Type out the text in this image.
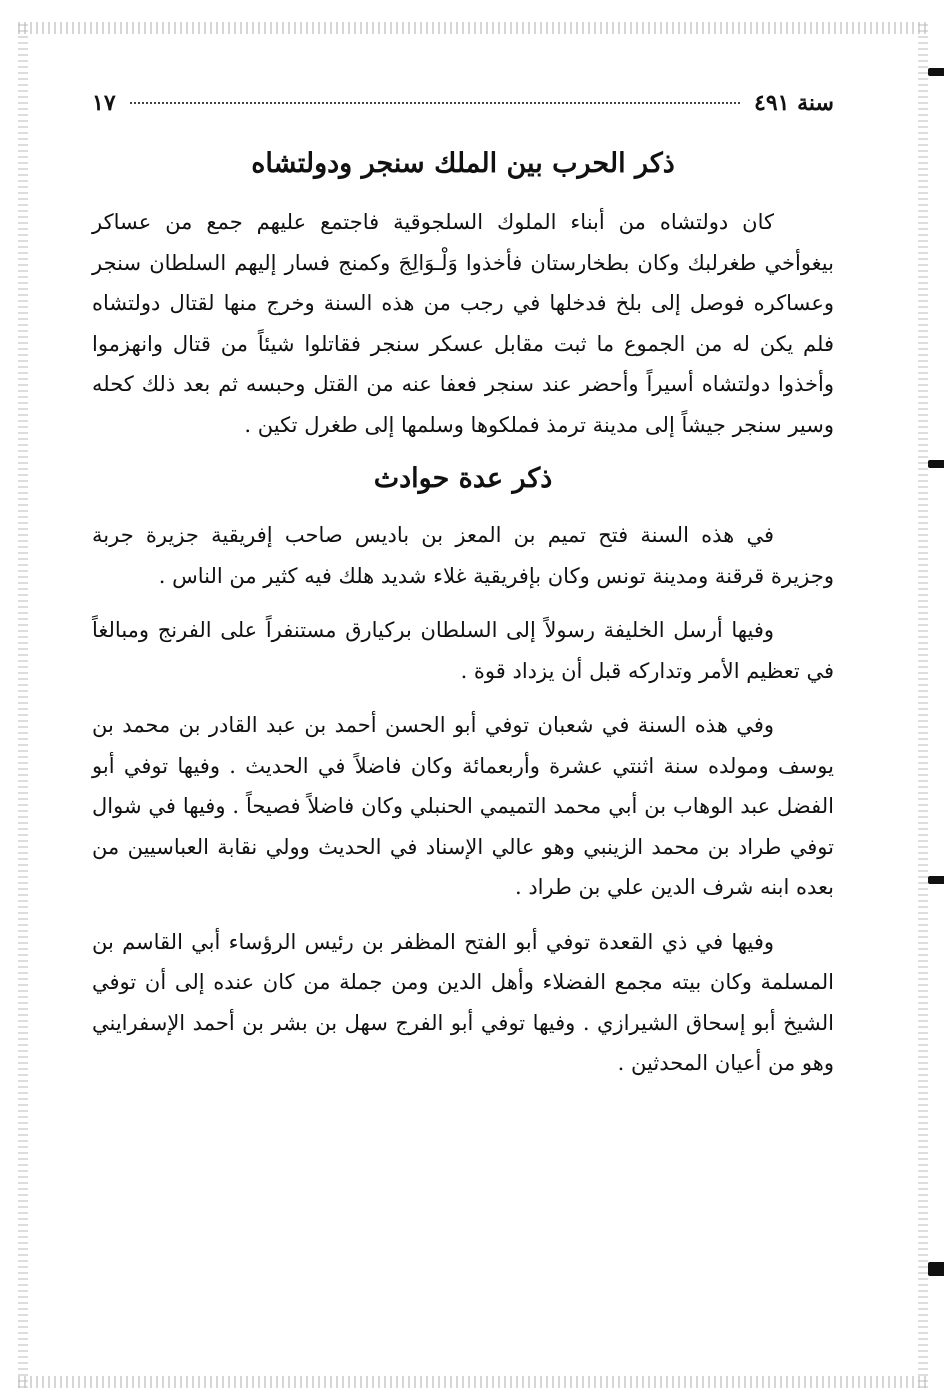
سنة ٤٩١
١٧
ذكر الحرب بين الملك سنجر ودولتشاه

كان دولتشاه من أبناء الملوك السلجوقية فاجتمع عليهم جمع من عساكر بيغوأخي طغرلبك وكان بطخارستان فأخذوا وَلْـوَالِجَ وكمنج فسار إليهم السلطان سنجر وعساكره فوصل إلى بلخ فدخلها في رجب من هذه السنة وخرج منها لقتال دولتشاه فلم يكن له من الجموع ما ثبت مقابل عسكر سنجر فقاتلوا شيئاً من قتال وانهزموا وأخذوا دولتشاه أسيراً وأحضر عند سنجر فعفا عنه من القتل وحبسه ثم بعد ذلك كحله وسير سنجر جيشاً إلى مدينة ترمذ فملكوها وسلمها إلى طغرل تكين .

ذكر عدة حوادث

في هذه السنة فتح تميم بن المعز بن باديس صاحب إفريقية جزيرة جربة وجزيرة قرقنة ومدينة تونس وكان بإفريقية غلاء شديد هلك فيه كثير من الناس .

وفيها أرسل الخليفة رسولاً إلى السلطان بركيارق مستنفراً على الفرنج ومبالغاً في تعظيم الأمر وتداركه قبل أن يزداد قوة .

وفي هذه السنة في شعبان توفي أبو الحسن أحمد بن عبد القادر بن محمد بن يوسف ومولده سنة اثنتي عشرة وأربعمائة وكان فاضلاً في الحديث . وفيها توفي أبو الفضل عبد الوهاب بن أبي محمد التميمي الحنبلي وكان فاضلاً فصيحاً . وفيها في شوال توفي طراد بن محمد الزينبي وهو عالي الإسناد في الحديث وولي نقابة العباسيين من بعده ابنه شرف الدين علي بن طراد .

وفيها في ذي القعدة توفي أبو الفتح المظفر بن رئيس الرؤساء أبي القاسم بن المسلمة وكان بيته مجمع الفضلاء وأهل الدين ومن جملة من كان عنده إلى أن توفي الشيخ أبو إسحاق الشيرازي . وفيها توفي أبو الفرج سهل بن بشر بن أحمد الإسفرايني وهو من أعيان المحدثين .
